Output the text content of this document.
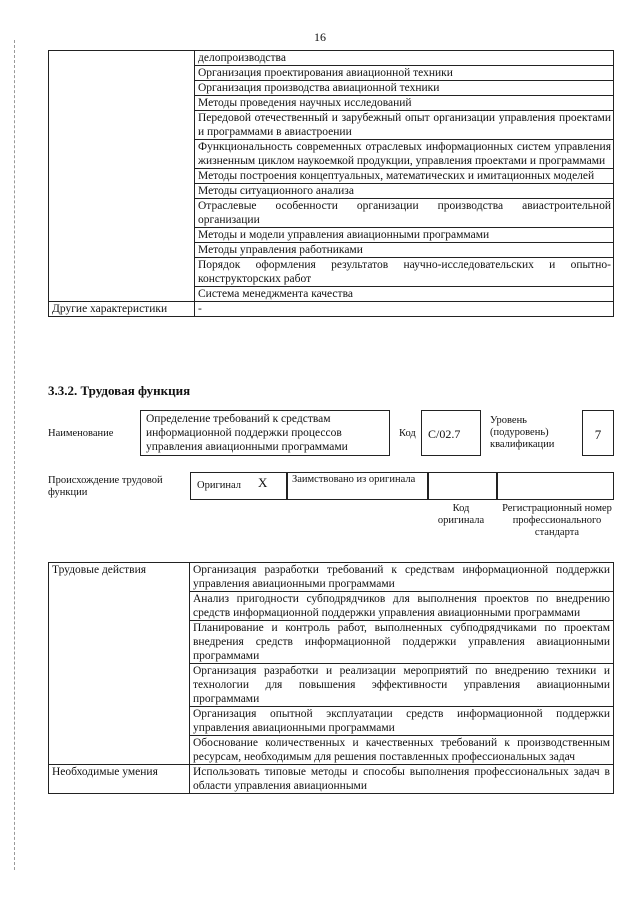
16
	делопроизводства
	Организация проектирования авиационной техники
	Организация производства авиационной техники
	Методы проведения научных исследований
	Передовой отечественный и зарубежный опыт организации управления проектами и программами в авиастроении
	Функциональность современных отраслевых информационных систем управления жизненным циклом наукоемкой продукции, управления проектами и программами
	Методы построения концептуальных, математических и имитационных моделей
	Методы ситуационного анализа
	Отраслевые особенности организации производства авиастроительной организации
	Методы и модели управления авиационными программами
	Методы управления работниками
	Порядок оформления результатов научно-исследовательских и опытно-конструкторских работ
	Система менеджмента качества
Другие характеристики	-
3.3.2. Трудовая функция
Наименование
Определение требований к средствам информационной поддержки процессов управления авиационными программами
Код	C/02.7
Уровень (подуровень) квалификации
7
Происхождение трудовой функции
Оригинал X Заимствовано из оригинала
Код оригинала
Регистрационный номер профессионального стандарта
Трудовые действия	Организация разработки требований к средствам информационной поддержки управления авиационными программами
	Анализ пригодности субподрядчиков для выполнения проектов по внедрению средств информационной поддержки управления авиационными программами
	Планирование и контроль работ, выполненных субподрядчиками по проектам внедрения средств информационной поддержки управления авиационными программами
	Организация разработки и реализации мероприятий по внедрению техники и технологии для повышения эффективности управления авиационными программами
	Организация опытной эксплуатации средств информационной поддержки управления авиационными программами
	Обоснование количественных и качественных требований к производственным ресурсам, необходимым для решения поставленных профессиональных задач
Необходимые умения	Использовать типовые методы и способы выполнения профессиональных задач в области управления авиационными
